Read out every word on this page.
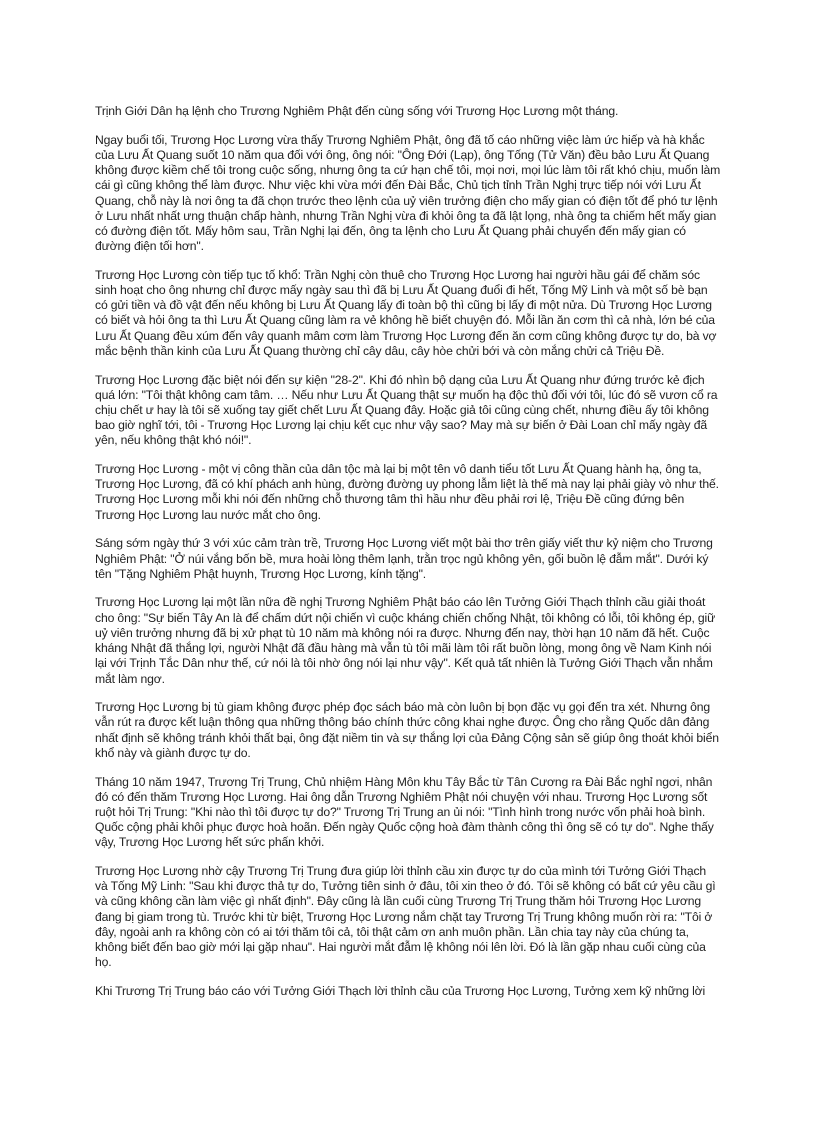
Trịnh Giới Dân hạ lệnh cho Trương Nghiêm Phật đến cùng sống với Trương Học Lương một tháng.

Ngay buổi tối, Trương Học Lương vừa thấy Trương Nghiêm Phật, ông đã tố cáo những việc làm ức hiếp và hà khắc của Lưu Ất Quang suốt 10 năm qua đối với ông, ông nói: "Ông Đới (Lạp), ông Tống (Tử Văn) đều bảo Lưu Ất Quang không được kiềm chế tôi trong cuộc sống, nhưng ông ta cứ hạn chế tôi, mọi nơi, mọi lúc làm tôi rất khó chịu, muốn làm cái gì cũng không thể làm được. Như việc khi vừa mới đến Đài Bắc, Chủ tịch tỉnh Trần Nghị trực tiếp nói với Lưu Ất Quang, chỗ này là nơi ông ta đã chọn trước theo lệnh của uỷ viên trưởng điện cho mấy gian có điện tốt để phó tư lệnh ở Lưu nhất nhất ưng thuận chấp hành, nhưng Trần Nghị vừa đi khỏi ông ta đã lật lọng, nhà ông ta chiếm hết mấy gian có đường điện tốt. Mấy hôm sau, Trần Nghị lại đến, ông ta lệnh cho Lưu Ất Quang phải chuyển đến mấy gian có đường điện tối hơn".

Trương Học Lương còn tiếp tục tố khổ: Trần Nghị còn thuê cho Trương Học Lương hai người hầu gái để chăm sóc sinh hoạt cho ông nhưng chỉ được mấy ngày sau thì đã bị Lưu Ất Quang đuổi đi hết, Tống Mỹ Linh và một số bè bạn có gửi tiền và đồ vật đến nếu không bị Lưu Ất Quang lấy đi toàn bộ thì cũng bị lấy đi một nửa. Dù Trương Học Lương có biết và hỏi ông ta thì Lưu Ất Quang cũng làm ra vẻ không hề biết chuyện đó. Mỗi lần ăn cơm thì cả nhà, lớn bé của Lưu Ất Quang đều xúm đến vây quanh mâm cơm làm Trương Học Lương đến ăn cơm cũng không được tự do, bà vợ mắc bệnh thần kinh của Lưu Ất Quang thường chỉ cây dâu, cây hòe chửi bới và còn mắng chửi cả Triệu Đề.

Trương Học Lương đặc biệt nói đến sự kiện "28-2". Khi đó nhìn bộ dạng của Lưu Ất Quang như đứng trước kẻ địch quá lớn: "Tôi thật không cam tâm. … Nếu như Lưu Ất Quang thật sự muốn hạ độc thủ đối với tôi, lúc đó sẽ vươn cổ ra chịu chết ư hay là tôi sẽ xuống tay giết chết Lưu Ất Quang đây. Hoặc giả tôi cũng cùng chết, nhưng điều ấy tôi không bao giờ nghĩ tới, tôi - Trương Học Lương lại chịu kết cục như vậy sao? May mà sự biến ở Đài Loan chỉ mấy ngày đã yên, nếu không thật khó nói!".

Trương Học Lương - một vị công thần của dân tộc mà lại bị một tên vô danh tiểu tốt Lưu Ất Quang hành hạ, ông ta, Trương Học Lương, đã có khí phách anh hùng, đường đường uy phong lẫm liệt là thế mà nay lại phải giày vò như thế. Trương Học Lương mỗi khi nói đến những chỗ thương tâm thì hầu như đều phải rơi lệ, Triệu Đề cũng đứng bên Trương Học Lương lau nước mắt cho ông.

Sáng sớm ngày thứ 3 với xúc cảm tràn trề, Trương Học Lương viết một bài thơ trên giấy viết thư kỷ niệm cho Trương Nghiêm Phật: "Ở núi vắng bốn bề, mưa hoài lòng thêm lạnh, trằn trọc ngủ không yên, gối buồn lệ đẫm mắt". Dưới ký tên "Tặng Nghiêm Phật huynh, Trương Học Lương, kính tặng".

Trương Học Lương lại một lần nữa đề nghị Trương Nghiêm Phật báo cáo lên Tưởng Giới Thạch thỉnh cầu giải thoát cho ông: "Sự biến Tây An là để chấm dứt nội chiến vì cuộc kháng chiến chống Nhật, tôi không có lỗi, tôi không ép, giữ uỷ viên trưởng nhưng đã bị xử phạt tù 10 năm mà không nói ra được. Nhưng đến nay, thời hạn 10 năm đã hết. Cuộc kháng Nhật đã thắng lợi, người Nhật đã đầu hàng mà vẫn tù tôi mãi làm tôi rất buồn lòng, mong ông về Nam Kinh nói lại với Trịnh Tắc Dân như thế, cứ nói là tôi nhờ ông nói lại như vậy". Kết quả tất nhiên là Tưởng Giới Thạch vẫn nhắm mắt làm ngơ.

Trương Học Lương bị tù giam không được phép đọc sách báo mà còn luôn bị bọn đặc vụ gọi đến tra xét. Nhưng ông vẫn rút ra được kết luận thông qua những thông báo chính thức công khai nghe được. Ông cho rằng Quốc dân đảng nhất định sẽ không tránh khỏi thất bại, ông đặt niềm tin và sự thắng lợi của Đảng Cộng sản sẽ giúp ông thoát khỏi biển khổ này và giành được tự do.

Tháng 10 năm 1947, Trương Trị Trung, Chủ nhiệm Hàng Môn khu Tây Bắc từ Tân Cương ra Đài Bắc nghỉ ngơi, nhân đó có đến thăm Trương Học Lương. Hai ông dẫn Trương Nghiêm Phật nói chuyện với nhau. Trương Học Lương sốt ruột hỏi Trị Trung: "Khi nào thì tôi được tự do?" Trương Trị Trung an ủi nói: "Tình hình trong nước vốn phải hoà bình. Quốc cộng phải khôi phục được hoà hoãn. Đến ngày Quốc cộng hoà đàm thành công thì ông sẽ có tự do". Nghe thấy vậy, Trương Học Lương hết sức phấn khởi.

Trương Học Lương nhờ cậy Trương Trị Trung đưa giúp lời thỉnh cầu xin được tự do của mình tới Tưởng Giới Thạch và Tống Mỹ Linh: "Sau khi được thả tự do, Tưởng tiên sinh ở đâu, tôi xin theo ở đó. Tôi sẽ không có bất cứ yêu cầu gì và cũng không cần làm việc gì nhất định". Đây cũng là lần cuối cùng Trương Trị Trung thăm hỏi Trương Học Lương đang bị giam trong tù. Trước khi từ biệt, Trương Học Lương nắm chặt tay Trương Trị Trung không muốn rời ra: "Tôi ở đây, ngoài anh ra không còn có ai tới thăm tôi cả, tôi thật cảm ơn anh muôn phần. Lần chia tay này của chúng ta, không biết đến bao giờ mới lại gặp nhau". Hai người mắt đẫm lệ không nói lên lời. Đó là lần gặp nhau cuối cùng của họ.

Khi Trương Trị Trung báo cáo với Tưởng Giới Thạch lời thỉnh cầu của Trương Học Lương, Tưởng xem kỹ những lời
